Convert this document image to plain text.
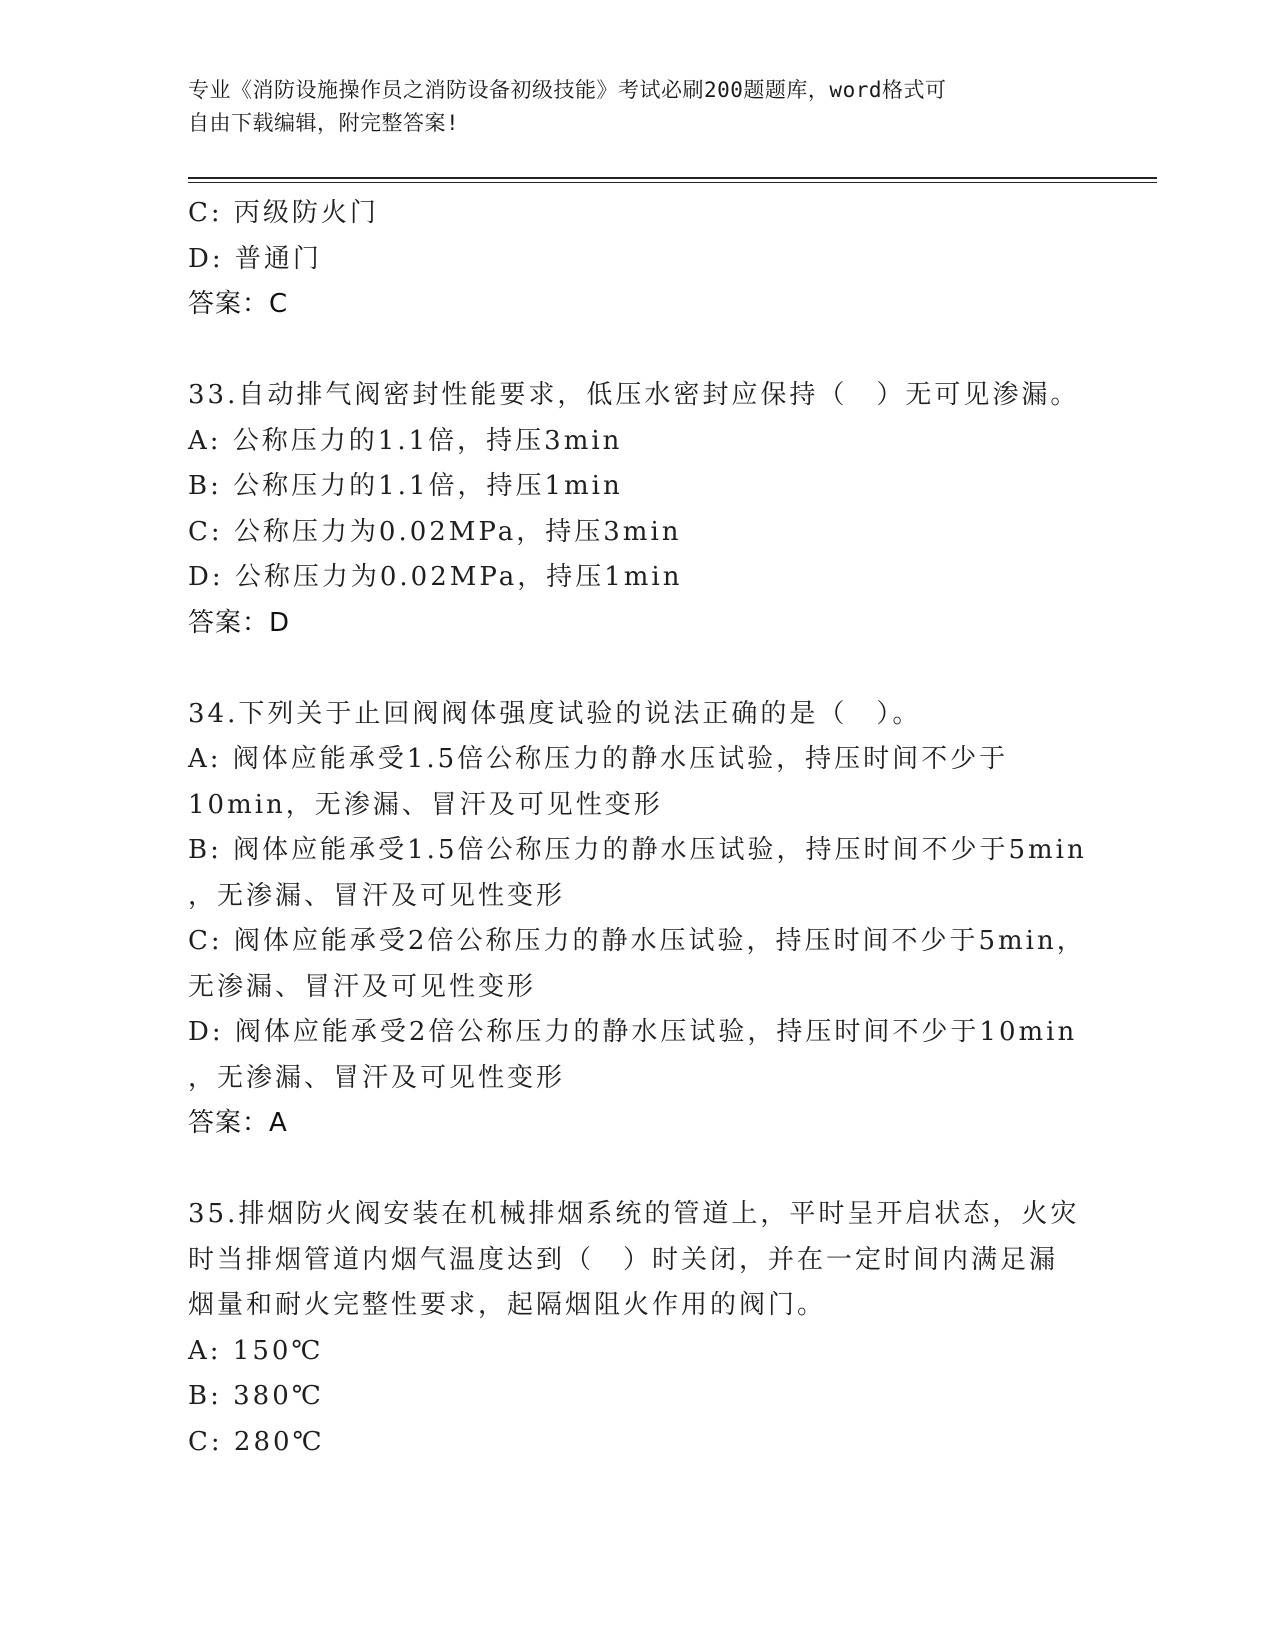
专业《消防设施操作员之消防设备初级技能》考试必刷200题题库，word格式可
自由下载编辑，附完整答案!
C: 丙级防火门
D: 普通门
答案：C
33.自动排气阀密封性能要求，低压水密封应保持（　）无可见渗漏。
A: 公称压力的1.1倍，持压3min
B: 公称压力的1.1倍，持压1min
C: 公称压力为0.02MPa，持压3min
D: 公称压力为0.02MPa，持压1min
答案：D
34.下列关于止回阀阀体强度试验的说法正确的是（　）。
A: 阀体应能承受1.5倍公称压力的静水压试验，持压时间不少于
10min，无渗漏、冒汗及可见性变形
B: 阀体应能承受1.5倍公称压力的静水压试验，持压时间不少于5min
，无渗漏、冒汗及可见性变形
C: 阀体应能承受2倍公称压力的静水压试验，持压时间不少于5min，
无渗漏、冒汗及可见性变形
D: 阀体应能承受2倍公称压力的静水压试验，持压时间不少于10min
，无渗漏、冒汗及可见性变形
答案：A
35.排烟防火阀安装在机械排烟系统的管道上，平时呈开启状态，火灾
时当排烟管道内烟气温度达到（　）时关闭，并在一定时间内满足漏
烟量和耐火完整性要求，起隔烟阻火作用的阀门。
A: 150℃
B: 380℃
C: 280℃
